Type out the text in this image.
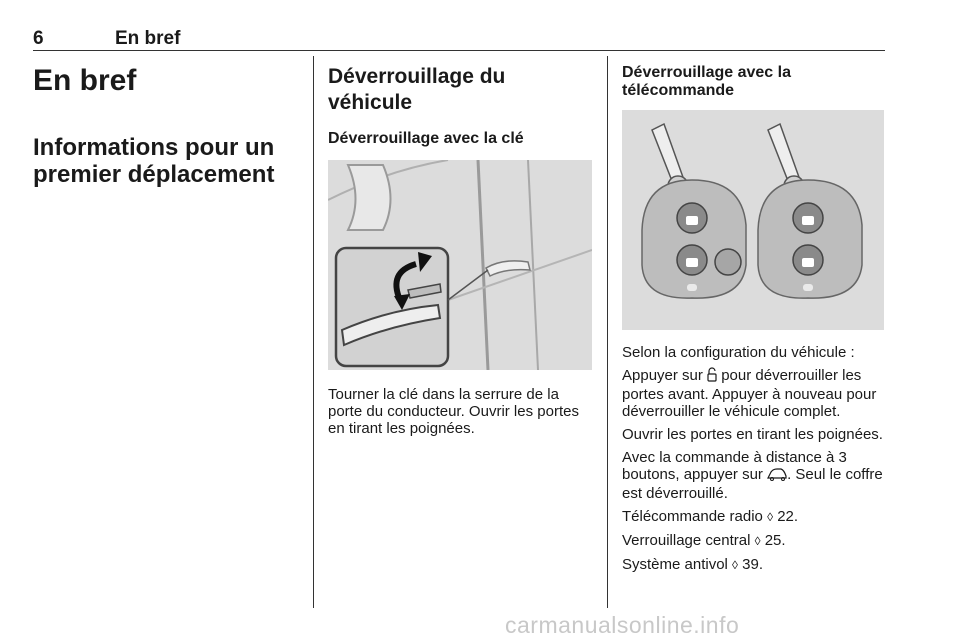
6	En bref
En bref
Informations pour un premier déplacement
Déverrouillage du véhicule
Déverrouillage avec la clé

Tourner la clé dans la serrure de la porte du conducteur. Ouvrir les portes en tirant les poignées.

Déverrouillage avec la
télécommande

Selon la configuration du véhicule :

Appuyer sur  pour déverrouiller les portes avant. Appuyer à nouveau pour déverrouiller le véhicule complet.

Ouvrir les portes en tirant les poignées.

Avec la commande à distance à 3 boutons, appuyer sur . Seul le coffre est déverrouillé.

Télécommande radio ◊ 22.

Verrouillage central ◊ 25.

Système antivol ◊ 39.

carmanualsonline.info
